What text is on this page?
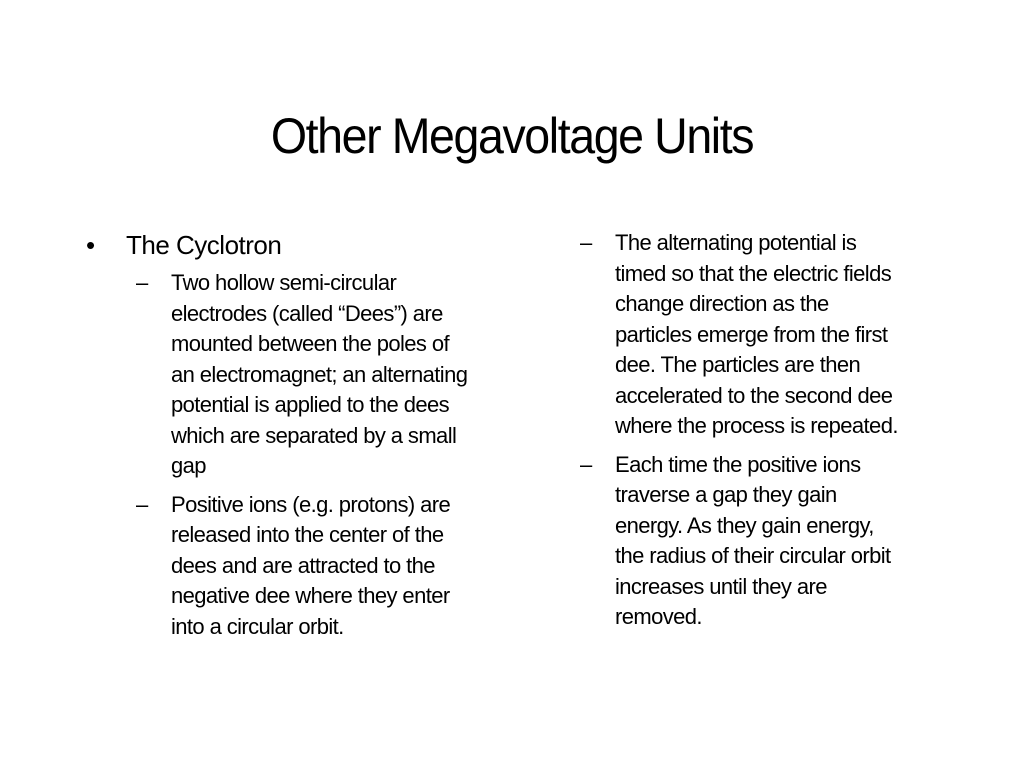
Other Megavoltage Units
• The Cyclotron
– Two hollow semi-circular
electrodes (called “Dees”) are
mounted between the poles of
an electromagnet; an alternating
potential is applied to the dees
which are separated by a small
gap
– Positive ions (e.g. protons) are
released into the center of the
dees and are attracted to the
negative dee where they enter
into a circular orbit.
– The alternating potential is
timed so that the electric fields
change direction as the
particles emerge from the first
dee. The particles are then
accelerated to the second dee
where the process is repeated.
– Each time the positive ions
traverse a gap they gain
energy. As they gain energy,
the radius of their circular orbit
increases until they are
removed.
